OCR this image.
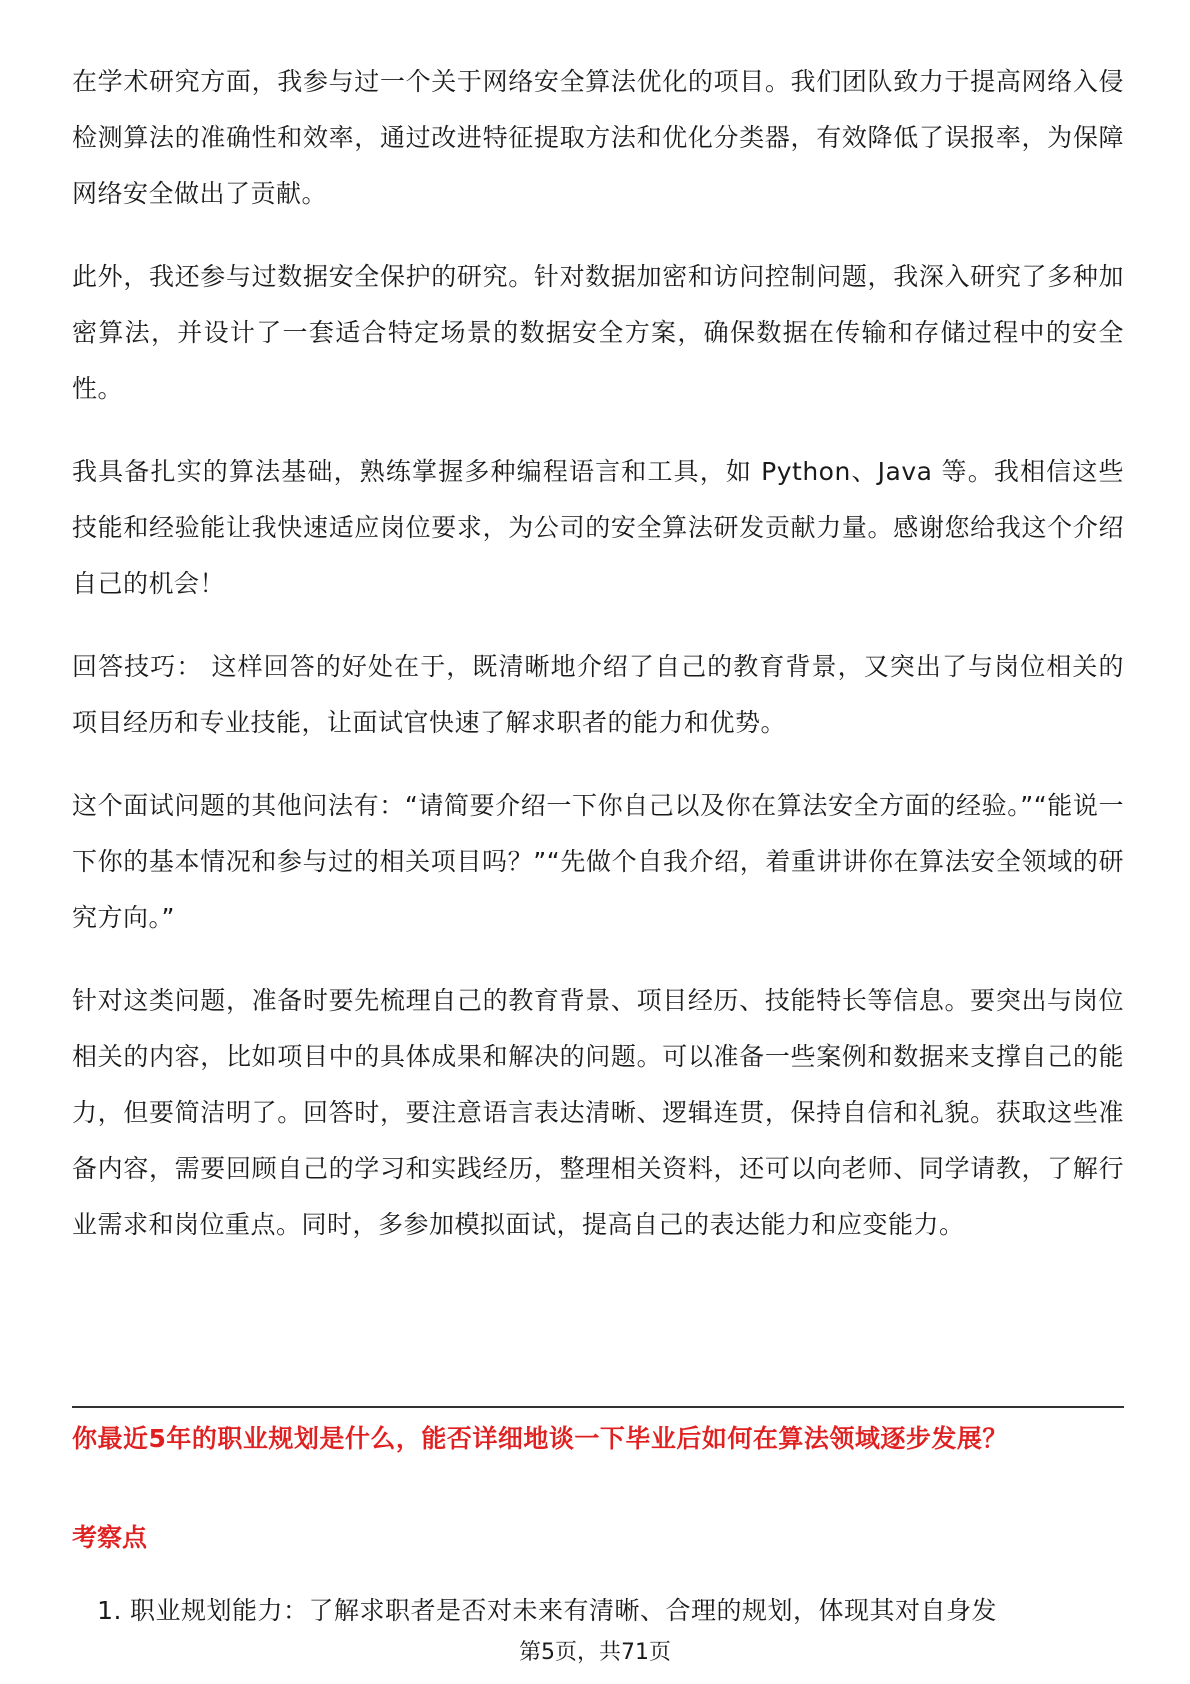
在学术研究方面，我参与过一个关于网络安全算法优化的项目。我们团队致力于提高网络入侵检测算法的准确性和效率，通过改进特征提取方法和优化分类器，有效降低了误报率，为保障网络安全做出了贡献。

此外，我还参与过数据安全保护的研究。针对数据加密和访问控制问题，我深入研究了多种加密算法，并设计了一套适合特定场景的数据安全方案，确保数据在传输和存储过程中的安全性。

我具备扎实的算法基础，熟练掌握多种编程语言和工具，如 Python、Java 等。我相信这些技能和经验能让我快速适应岗位要求，为公司的安全算法研发贡献力量。感谢您给我这个介绍自己的机会！

回答技巧： 这样回答的好处在于，既清晰地介绍了自己的教育背景，又突出了与岗位相关的项目经历和专业技能，让面试官快速了解求职者的能力和优势。

这个面试问题的其他问法有：“请简要介绍一下你自己以及你在算法安全方面的经验。”“能说一下你的基本情况和参与过的相关项目吗？”“先做个自我介绍，着重讲讲你在算法安全领域的研究方向。”

针对这类问题，准备时要先梳理自己的教育背景、项目经历、技能特长等信息。要突出与岗位相关的内容，比如项目中的具体成果和解决的问题。可以准备一些案例和数据来支撑自己的能力，但要简洁明了。回答时，要注意语言表达清晰、逻辑连贯，保持自信和礼貌。获取这些准备内容，需要回顾自己的学习和实践经历，整理相关资料，还可以向老师、同学请教，了解行业需求和岗位重点。同时，多参加模拟面试，提高自己的表达能力和应变能力。

你最近5年的职业规划是什么，能否详细地谈一下毕业后如何在算法领域逐步发展？
考察点
1. 职业规划能力：了解求职者是否对未来有清晰、合理的规划，体现其对自身发
第5页，共71页
